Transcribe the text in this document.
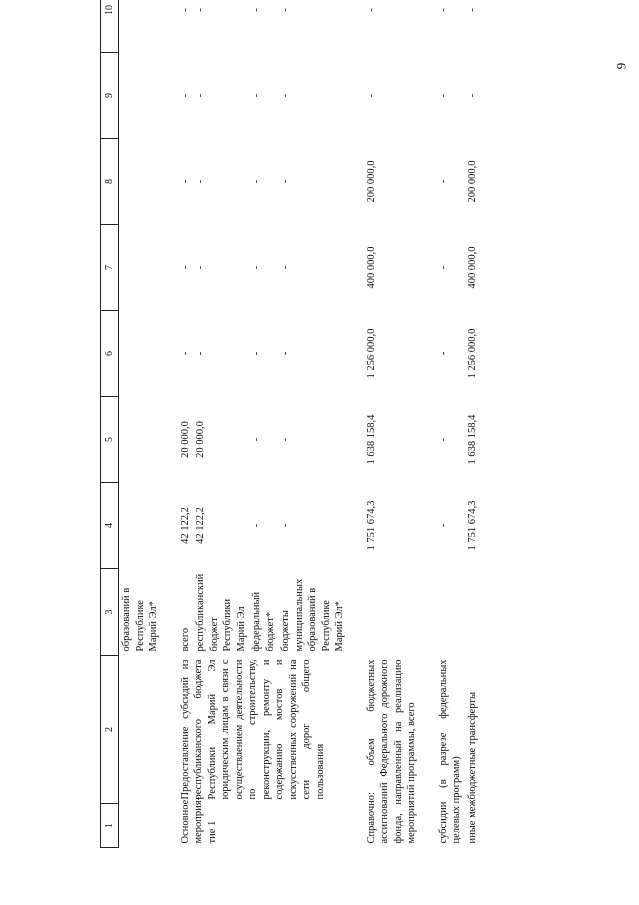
9
1	2	3	4	5	6	7	8	9	10
		образований в Республике Марий Эл*							

Основное мероприя-тие 1	Предоставление субсидий из республиканского бюджета Республики Марий Эл юридическим лицам в связи с осуществлением деятельности по строительству, реконструкции, ремонту и содержанию мостов и искусственных сооружений на сети дорог общего пользования	всего	42 122,2	20 000,0	-	-	-	-	-
		республиканский бюджет Республики Марий Эл	42 122,2	20 000,0	-	-	-	-	-
		федеральный бюджет*	-	-	-	-	-	-	-
		бюджеты муниципальных образований в Республике Марий Эл*	-	-	-	-	-	-	-

Справочно: объем бюджетных ассигнований Федерального дорожного фонда, направленный на реализацию мероприятий программы, всего			1 751 674,3	1 638 158,4	1 256 000,0	400 000,0	200 000,0	-	-

субсидии (в разрезе федеральных целевых программ)			-	-	-	-	-	-	-
иные межбюджетные трансферты			1 751 674,3	1 638 158,4	1 256 000,0	400 000,0	200 000,0	-	-
